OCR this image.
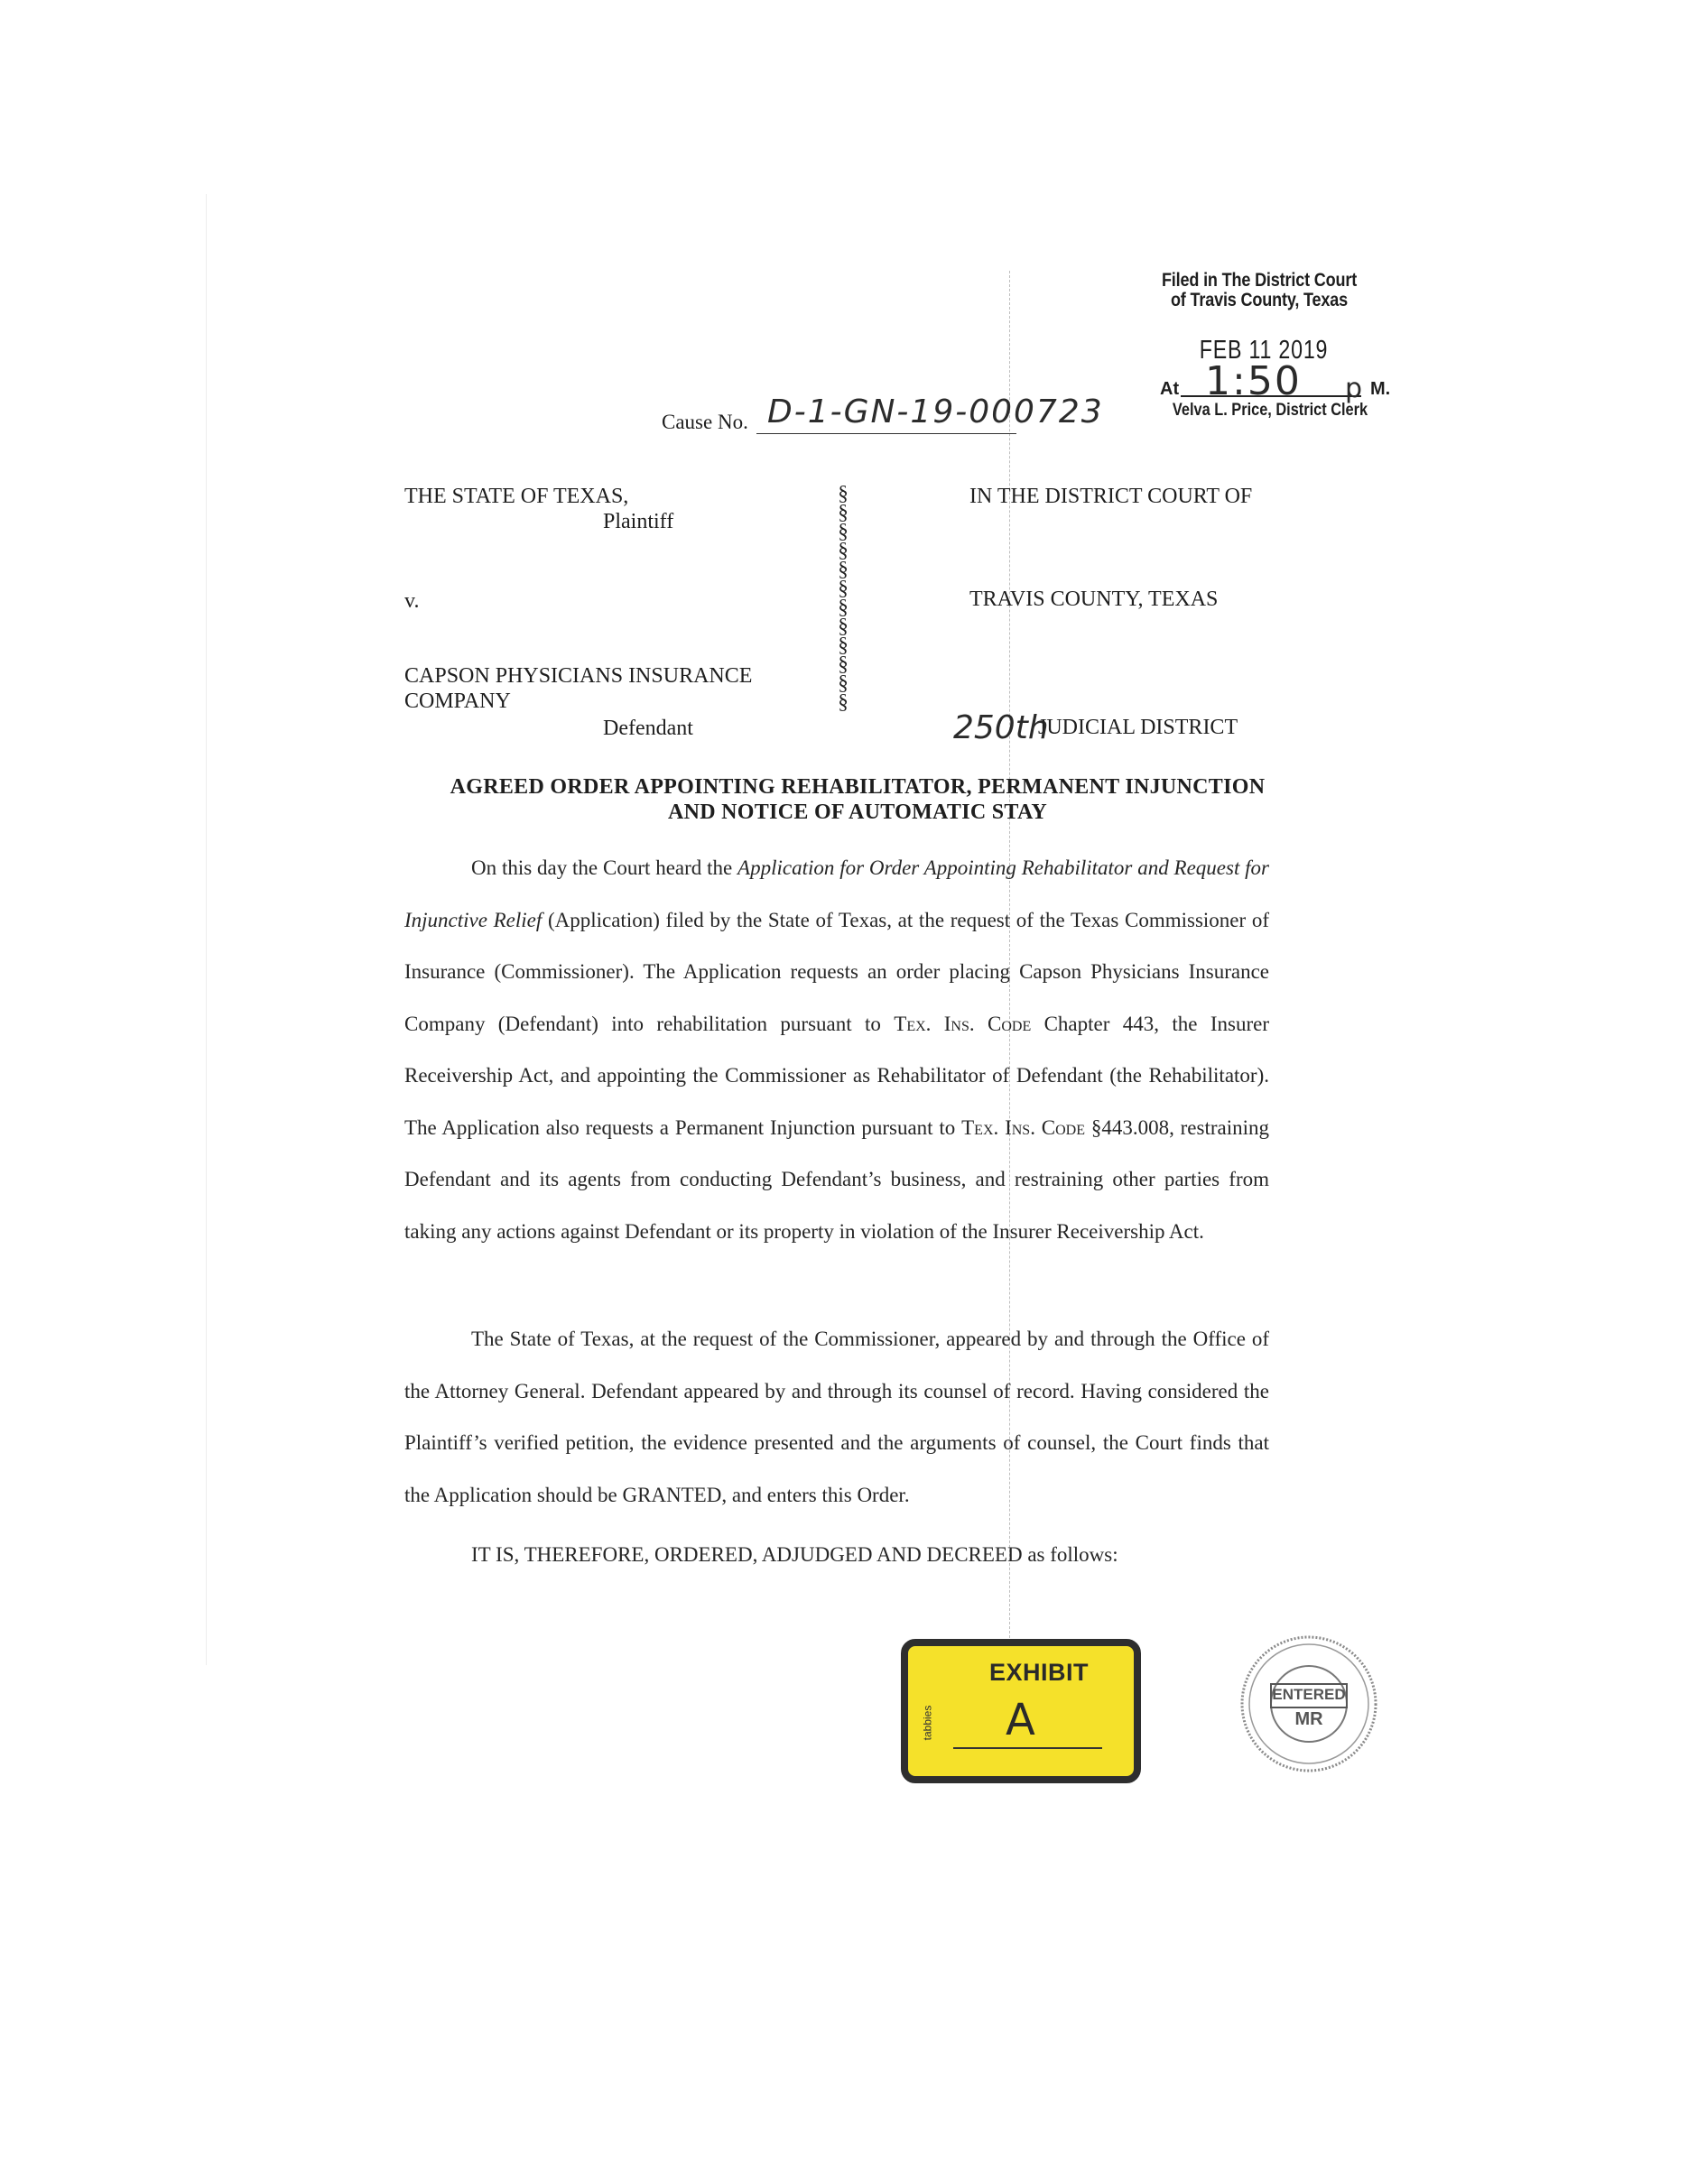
Filed in The District Court
of Travis County, Texas
FEB 11 2019
At 1:50 p M.
Velva L. Price, District Clerk
Cause No. D-1-GN-19-000723
THE STATE OF TEXAS,
Plaintiff
v.
CAPSON PHYSICIANS INSURANCE
COMPANY
Defendant
§
§
§
§
§
§
§
§
§
§
§
§
IN THE DISTRICT COURT OF
TRAVIS COUNTY, TEXAS
250th
JUDICIAL DISTRICT
AGREED ORDER APPOINTING REHABILITATOR, PERMANENT INJUNCTION
AND NOTICE OF AUTOMATIC STAY
On this day the Court heard the Application for Order Appointing Rehabilitator and Request for Injunctive Relief (Application) filed by the State of Texas, at the request of the Texas Commissioner of Insurance (Commissioner). The Application requests an order placing Capson Physicians Insurance Company (Defendant) into rehabilitation pursuant to Tex. Ins. Code Chapter 443, the Insurer Receivership Act, and appointing the Commissioner as Rehabilitator of Defendant (the Rehabilitator). The Application also requests a Permanent Injunction pursuant to Tex. Ins. Code §443.008, restraining Defendant and its agents from conducting Defendant’s business, and restraining other parties from taking any actions against Defendant or its property in violation of the Insurer Receivership Act.
The State of Texas, at the request of the Commissioner, appeared by and through the Office of the Attorney General. Defendant appeared by and through its counsel of record. Having considered the Plaintiff’s verified petition, the evidence presented and the arguments of counsel, the Court finds that the Application should be GRANTED, and enters this Order.
IT IS, THEREFORE, ORDERED, ADJUDGED AND DECREED as follows:
EXHIBIT
tabbies A
ENTERED
MR
